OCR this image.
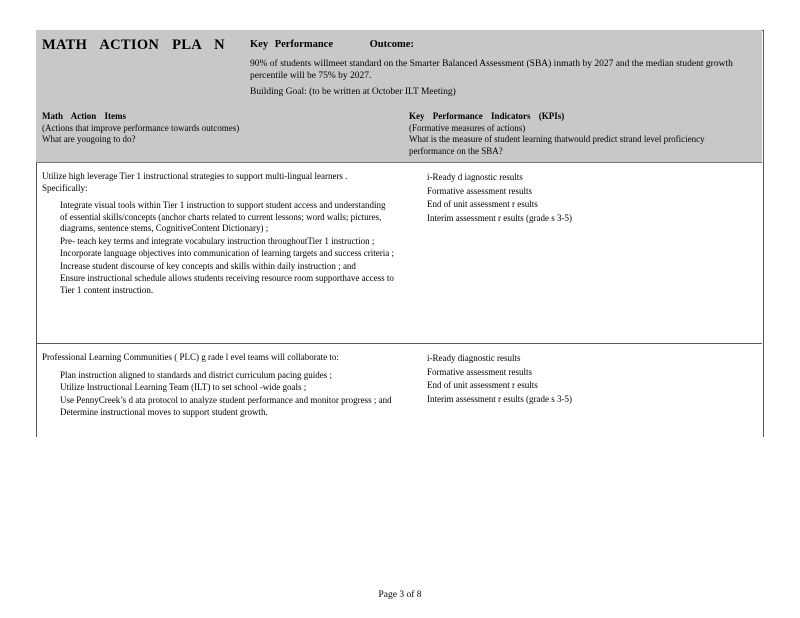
MATH ACTION PLA N Key Performance	Outcome:
90% of students willmeet standard on the Smarter Balanced Assessment (SBA) inmath by 2027 and the median student growth percentile will be 75% by 2027.
Building Goal: (to be written at October ILT Meeting)
Math Action Items
(Actions that improve performance towards outcomes)
What are yougoing to do?
Key Performance Indicators (KPIs)
(Formative measures of actions)
What is the measure of student learning thatwould predict strand level proficiency performance on the SBA?
Utilize high leverage Tier 1 instructional strategies to support multi-lingual learners . Specifically:
Integrate visual tools within Tier 1 instruction to support student access and understanding of essential skills/concepts (anchor charts related to current lessons; word walls; pictures, diagrams, sentence stems, CognitiveContent Dictionary) ;
Pre- teach key terms and integrate vocabulary instruction throughoutTier 1 instruction ;
Incorporate language objectives into communication of learning targets and success criteria ;
Increase student discourse of key concepts and skills within daily instruction ; and
Ensure instructional schedule allows students receiving resource room supporthave access to Tier 1 content instruction.
i-Ready d iagnostic results
Formative assessment results
End of unit assessment r esults
Interim assessment r esults (grade s 3-5)
Professional Learning Communities ( PLC) g rade l evel teams will collaborate to:
Plan instruction aligned to standards and district curriculum pacing guides ;
Utilize Instructional Learning Team (ILT) to set school -wide goals ;
Use PennyCreek’s d ata protocol to analyze student performance and monitor progress ; and
Determine instructional moves to support student growth.
i-Ready diagnostic results
Formative assessment results
End of unit assessment r esults
Interim assessment r esults (grade s 3-5)
Page 3 of 8
